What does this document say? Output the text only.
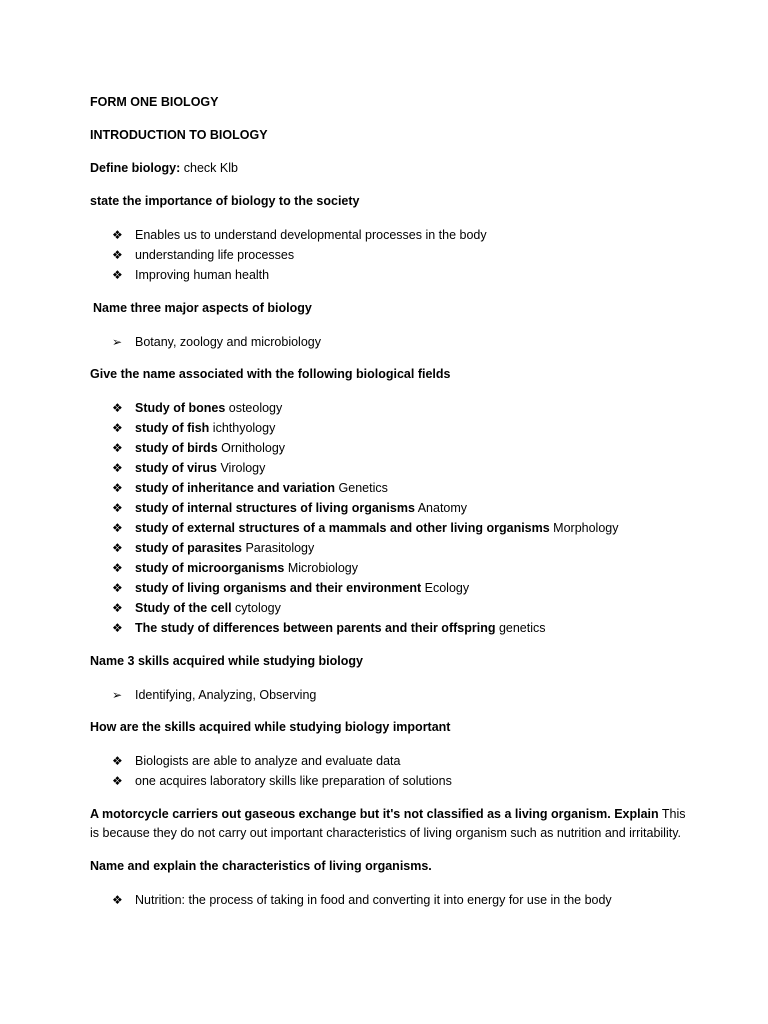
FORM ONE BIOLOGY

INTRODUCTION TO BIOLOGY

Define biology: check Klb

state the importance of biology to the society

❖ Enables us to understand developmental processes in the body
❖ understanding life processes
❖ Improving human health

Name three major aspects of biology

➢	Botany, zoology and microbiology

Give the name associated with the following biological fields

❖ Study of bones osteology
❖ study of fish ichthyology
❖ study of birds Ornithology
❖ study of virus Virology
❖ study of inheritance and variation Genetics
❖ study of internal structures of living organisms Anatomy
❖ study of external structures of a mammals and other living organisms Morphology
❖ study of parasites Parasitology
❖ study of microorganisms Microbiology
❖ study of living organisms and their environment Ecology
❖ Study of the cell cytology
❖ The study of differences between parents and their offspring genetics

Name 3 skills acquired while studying biology

➢	Identifying, Analyzing, Observing

How are the skills acquired while studying biology important

❖ Biologists are able to analyze and evaluate data
❖ one acquires laboratory skills like preparation of solutions

A motorcycle carriers out gaseous exchange but it's not classified as a living organism. Explain This is because they do not carry out important characteristics of living organism such as nutrition and irritability.

Name and explain the characteristics of living organisms.

❖ Nutrition: the process of taking in food and converting it into energy for use in the body
